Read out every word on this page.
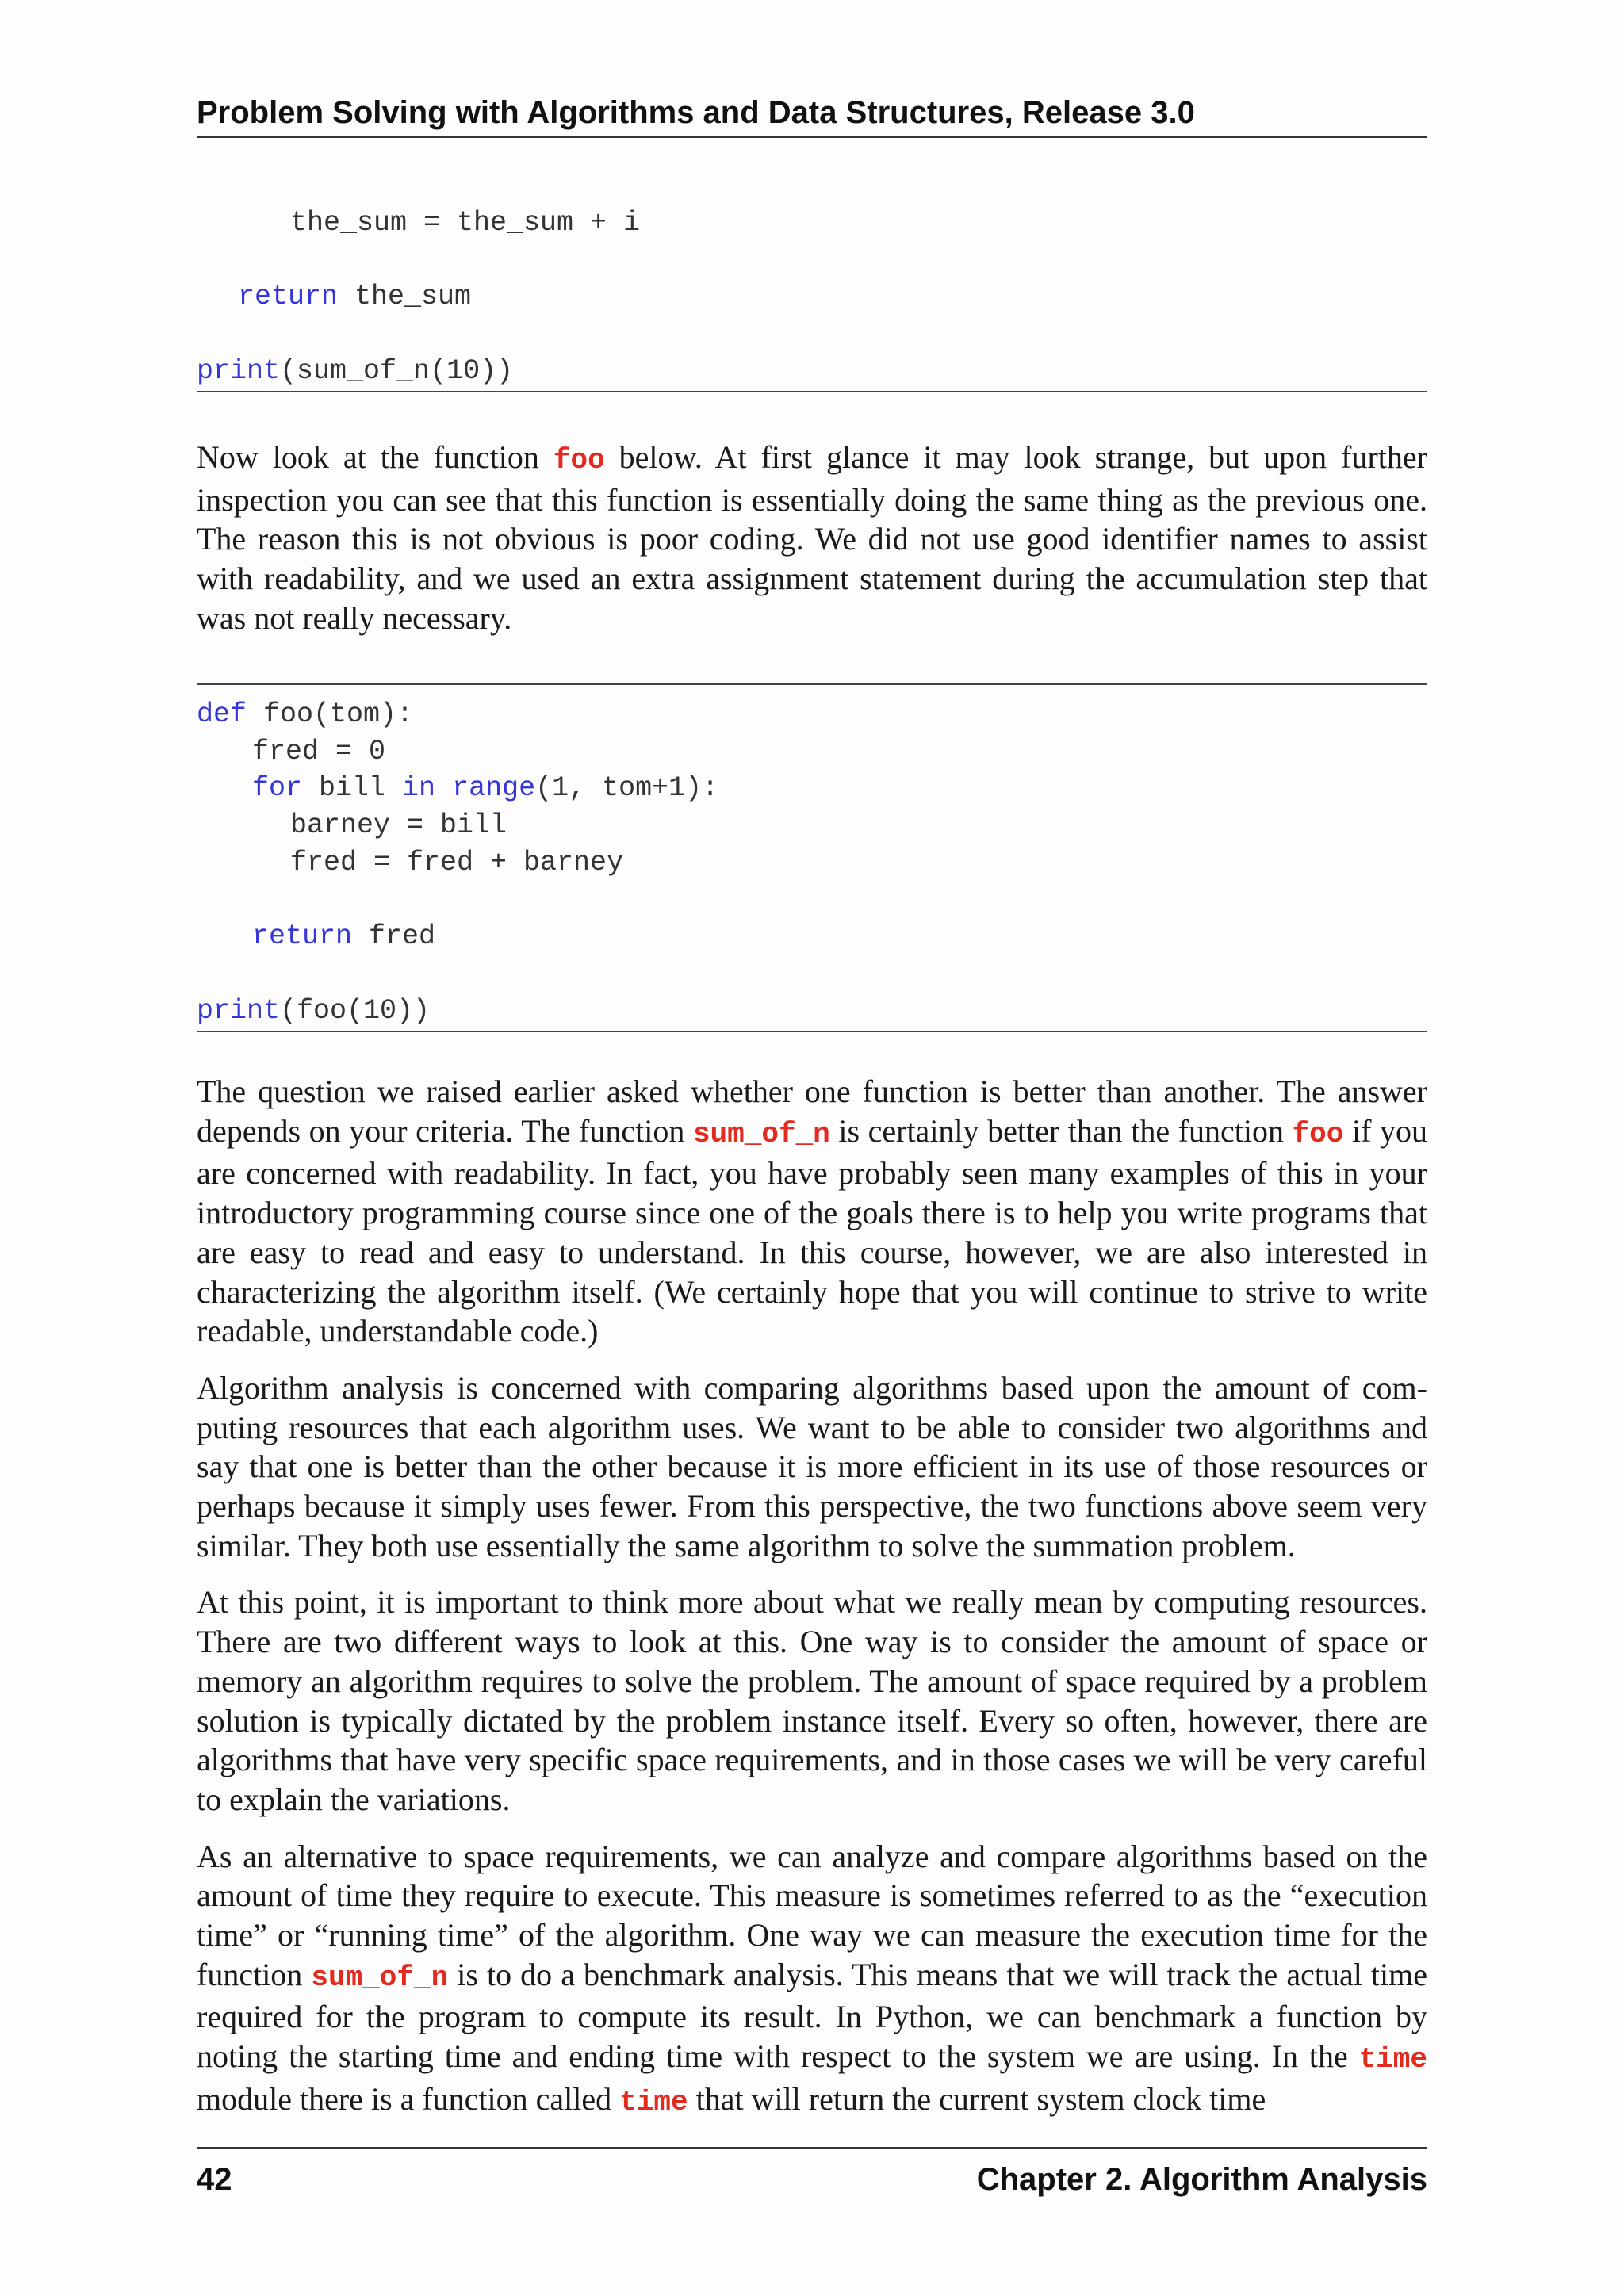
Problem Solving with Algorithms and Data Structures, Release 3.0
the_sum = the_sum + i

return the_sum

print(sum_of_n(10))

Now look at the function foo below. At first glance it may look strange, but upon further inspection you can see that this function is essentially doing the same thing as the previous one. The reason this is not obvious is poor coding. We did not use good identifier names to assist with readability, and we used an extra assignment statement during the accumulation step that was not really necessary.

def foo(tom):
fred = 0
for bill in range(1, tom+1):
barney = bill
fred = fred + barney

return fred

print(foo(10))

The question we raised earlier asked whether one function is better than another. The answer depends on your criteria. The function sum_of_n is certainly better than the function foo if you are concerned with readability. In fact, you have probably seen many examples of this in your introductory programming course since one of the goals there is to help you write programs that are easy to read and easy to understand. In this course, however, we are also interested in characterizing the algorithm itself. (We certainly hope that you will continue to strive to write readable, understandable code.)

Algorithm analysis is concerned with comparing algorithms based upon the amount of computing resources that each algorithm uses. We want to be able to consider two algorithms and say that one is better than the other because it is more efficient in its use of those resources or perhaps because it simply uses fewer. From this perspective, the two functions above seem very similar. They both use essentially the same algorithm to solve the summation problem.

At this point, it is important to think more about what we really mean by computing resources. There are two different ways to look at this. One way is to consider the amount of space or memory an algorithm requires to solve the problem. The amount of space required by a problem solution is typically dictated by the problem instance itself. Every so often, however, there are algorithms that have very specific space requirements, and in those cases we will be very careful to explain the variations.

As an alternative to space requirements, we can analyze and compare algorithms based on the amount of time they require to execute. This measure is sometimes referred to as the “execution time” or “running time” of the algorithm. One way we can measure the execution time for the function sum_of_n is to do a benchmark analysis. This means that we will track the actual time required for the program to compute its result. In Python, we can benchmark a function by noting the starting time and ending time with respect to the system we are using. In the time module there is a function called time that will return the current system clock time

42	Chapter 2. Algorithm Analysis
